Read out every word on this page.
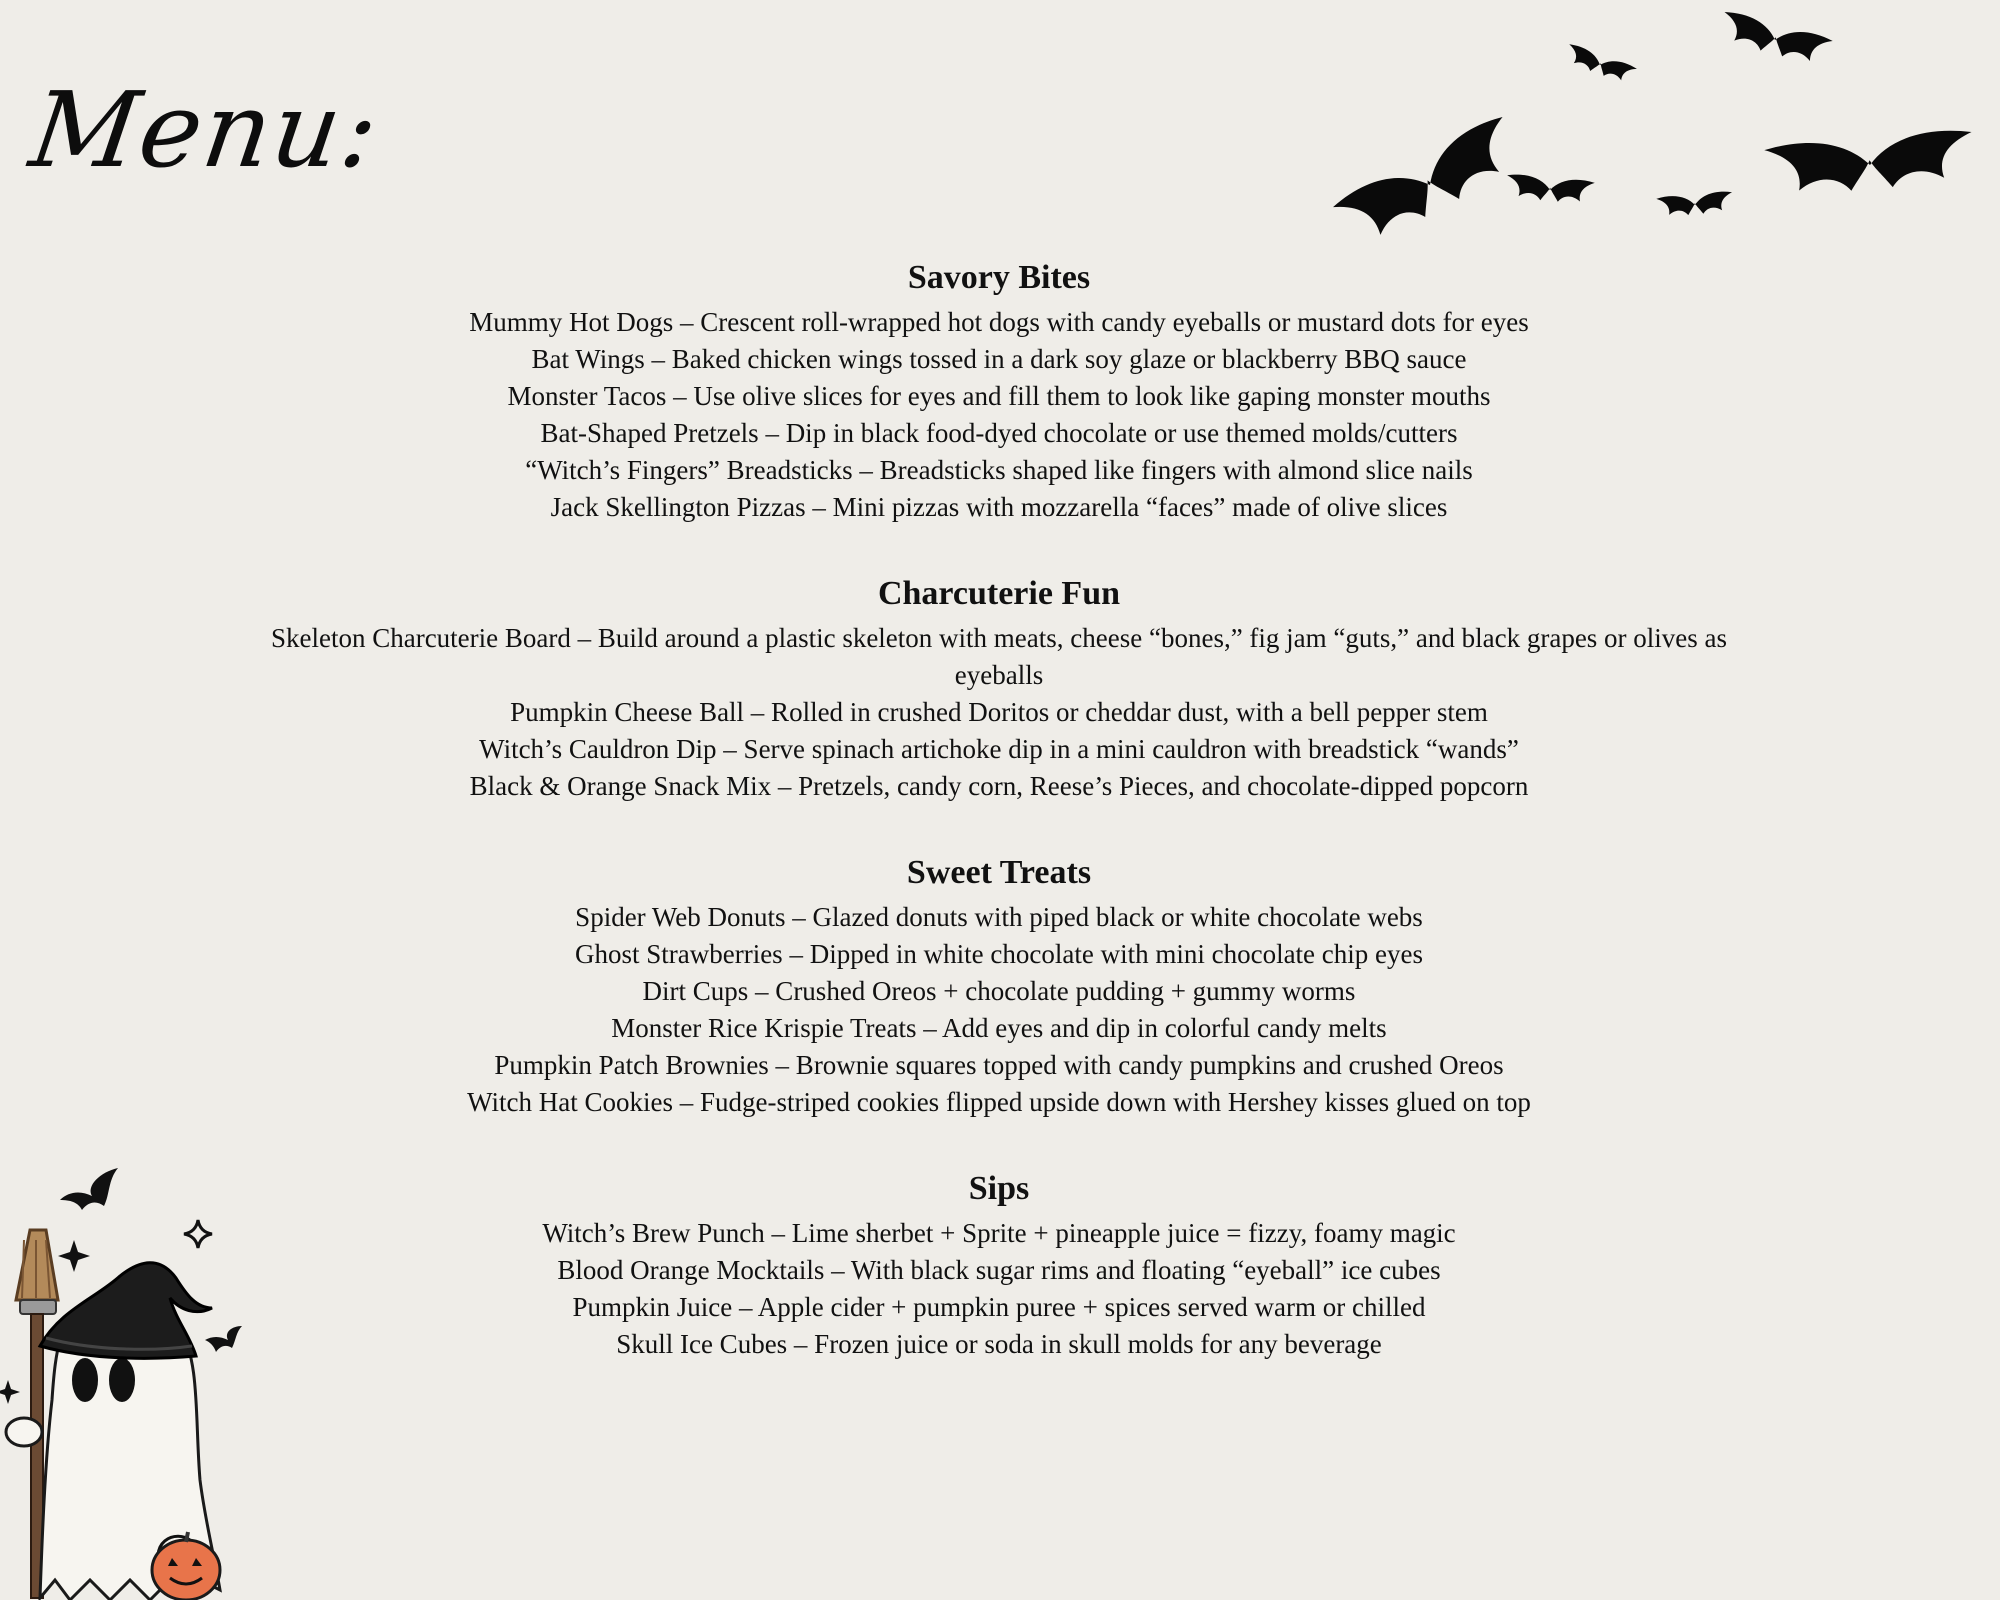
Menu:
Savory Bites
Mummy Hot Dogs – Crescent roll-wrapped hot dogs with candy eyeballs or mustard dots for eyes
Bat Wings – Baked chicken wings tossed in a dark soy glaze or blackberry BBQ sauce
Monster Tacos – Use olive slices for eyes and fill them to look like gaping monster mouths
Bat-Shaped Pretzels – Dip in black food-dyed chocolate or use themed molds/cutters
“Witch’s Fingers” Breadsticks – Breadsticks shaped like fingers with almond slice nails
Jack Skellington Pizzas – Mini pizzas with mozzarella “faces” made of olive slices
Charcuterie Fun
Skeleton Charcuterie Board – Build around a plastic skeleton with meats, cheese “bones,” fig jam “guts,” and black grapes or olives as eyeballs
Pumpkin Cheese Ball – Rolled in crushed Doritos or cheddar dust, with a bell pepper stem
Witch’s Cauldron Dip – Serve spinach artichoke dip in a mini cauldron with breadstick “wands”
Black & Orange Snack Mix – Pretzels, candy corn, Reese’s Pieces, and chocolate-dipped popcorn
Sweet Treats
Spider Web Donuts – Glazed donuts with piped black or white chocolate webs
Ghost Strawberries – Dipped in white chocolate with mini chocolate chip eyes
Dirt Cups – Crushed Oreos + chocolate pudding + gummy worms
Monster Rice Krispie Treats – Add eyes and dip in colorful candy melts
Pumpkin Patch Brownies – Brownie squares topped with candy pumpkins and crushed Oreos
Witch Hat Cookies – Fudge-striped cookies flipped upside down with Hershey kisses glued on top
Sips
Witch’s Brew Punch – Lime sherbet + Sprite + pineapple juice = fizzy, foamy magic
Blood Orange Mocktails – With black sugar rims and floating “eyeball” ice cubes
Pumpkin Juice – Apple cider + pumpkin puree + spices served warm or chilled
Skull Ice Cubes – Frozen juice or soda in skull molds for any beverage
